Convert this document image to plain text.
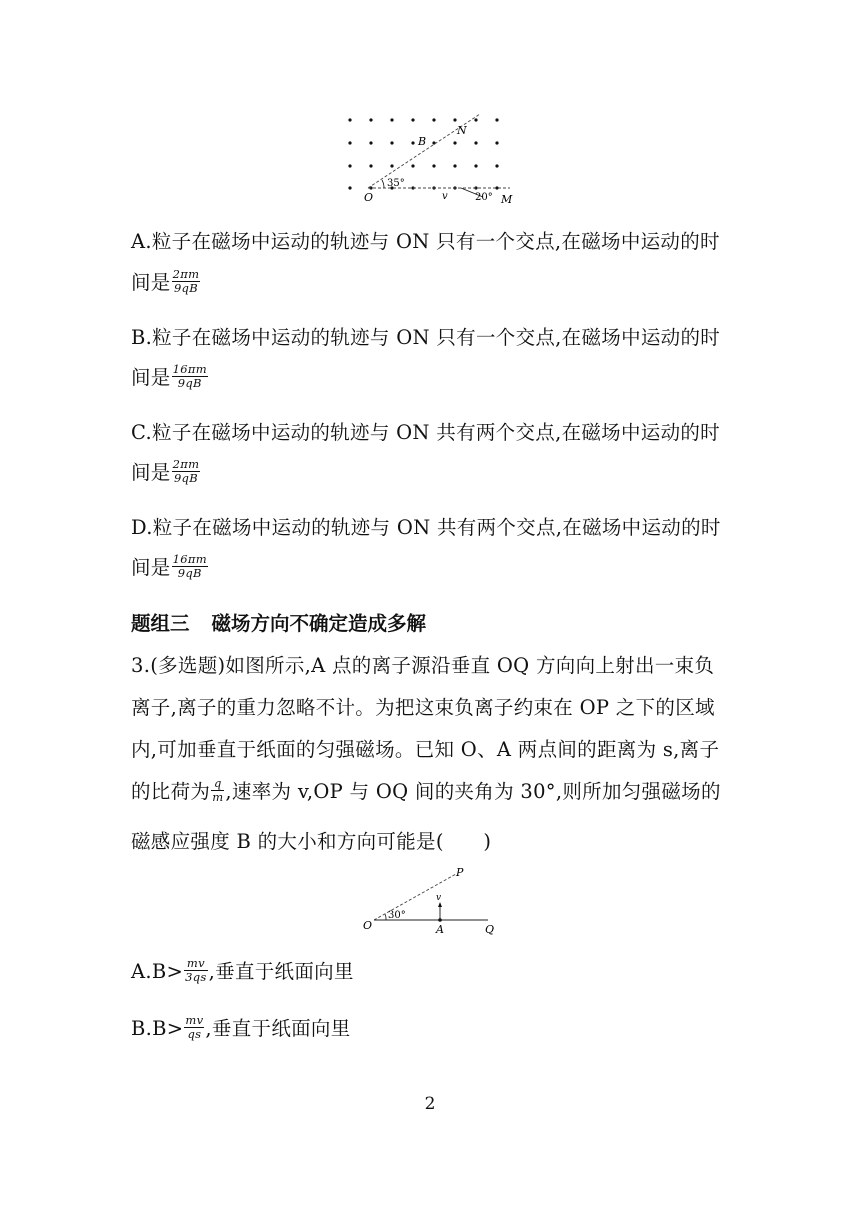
B
N
O	M
v
35°
20°
A.粒子在磁场中运动的轨迹与 ON 只有一个交点,在磁场中运动的时
间是 $\frac{2\pi m}{9qB}$
B.粒子在磁场中运动的轨迹与 ON 只有一个交点,在磁场中运动的时
间是 $\frac{16\pi m}{9qB}$
C.粒子在磁场中运动的轨迹与 ON 共有两个交点,在磁场中运动的时
间是 $\frac{2\pi m}{9qB}$
D.粒子在磁场中运动的轨迹与 ON 共有两个交点,在磁场中运动的时
间是 $\frac{16\pi m}{9qB}$
题组三 磁场方向不确定造成多解
3.(多选题)如图所示,A 点的离子源沿垂直 OQ 方向向上射出一束负
离子,离子的重力忽略不计。为把这束负离子约束在 OP 之下的区域
内,可加垂直于纸面的匀强磁场。已知 O、A 两点间的距离为 s,离子
的比荷为 $\frac{q}{m}$ ,速率为 v,OP 与 OQ 间的夹角为 30°,则所加匀强磁场的
磁感应强度 B 的大小和方向可能是(　　)
P
O	A	Q
v
30°
$A.B> \frac{mv}{3qs}$ ,垂直于纸面向里
$B.B> \frac{mv}{qs}$ ,垂直于纸面向里
2
